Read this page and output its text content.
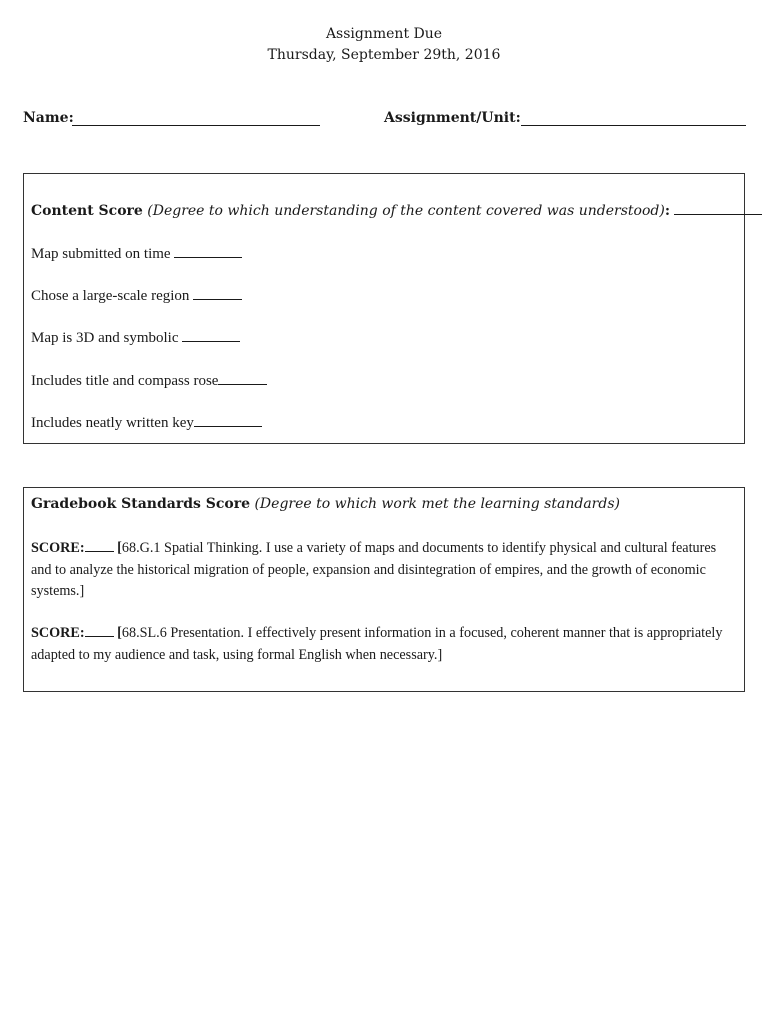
Assignment Due
Thursday, September 29th, 2016
Name:	Assignment/Unit:
Content Score (Degree to which understanding of the content covered was understood):
Map submitted on time
Chose a large-scale region
Map is 3D and symbolic
Includes title and compass rose
Includes neatly written key
Gradebook Standards Score (Degree to which work met the learning standards)
SCORE: [68.G.1 Spatial Thinking. I use a variety of maps and documents to identify physical and cultural features and to analyze the historical migration of people, expansion and disintegration of empires, and the growth of economic systems.]
SCORE: [68.SL.6 Presentation. I effectively present information in a focused, coherent manner that is appropriately adapted to my audience and task, using formal English when necessary.]
